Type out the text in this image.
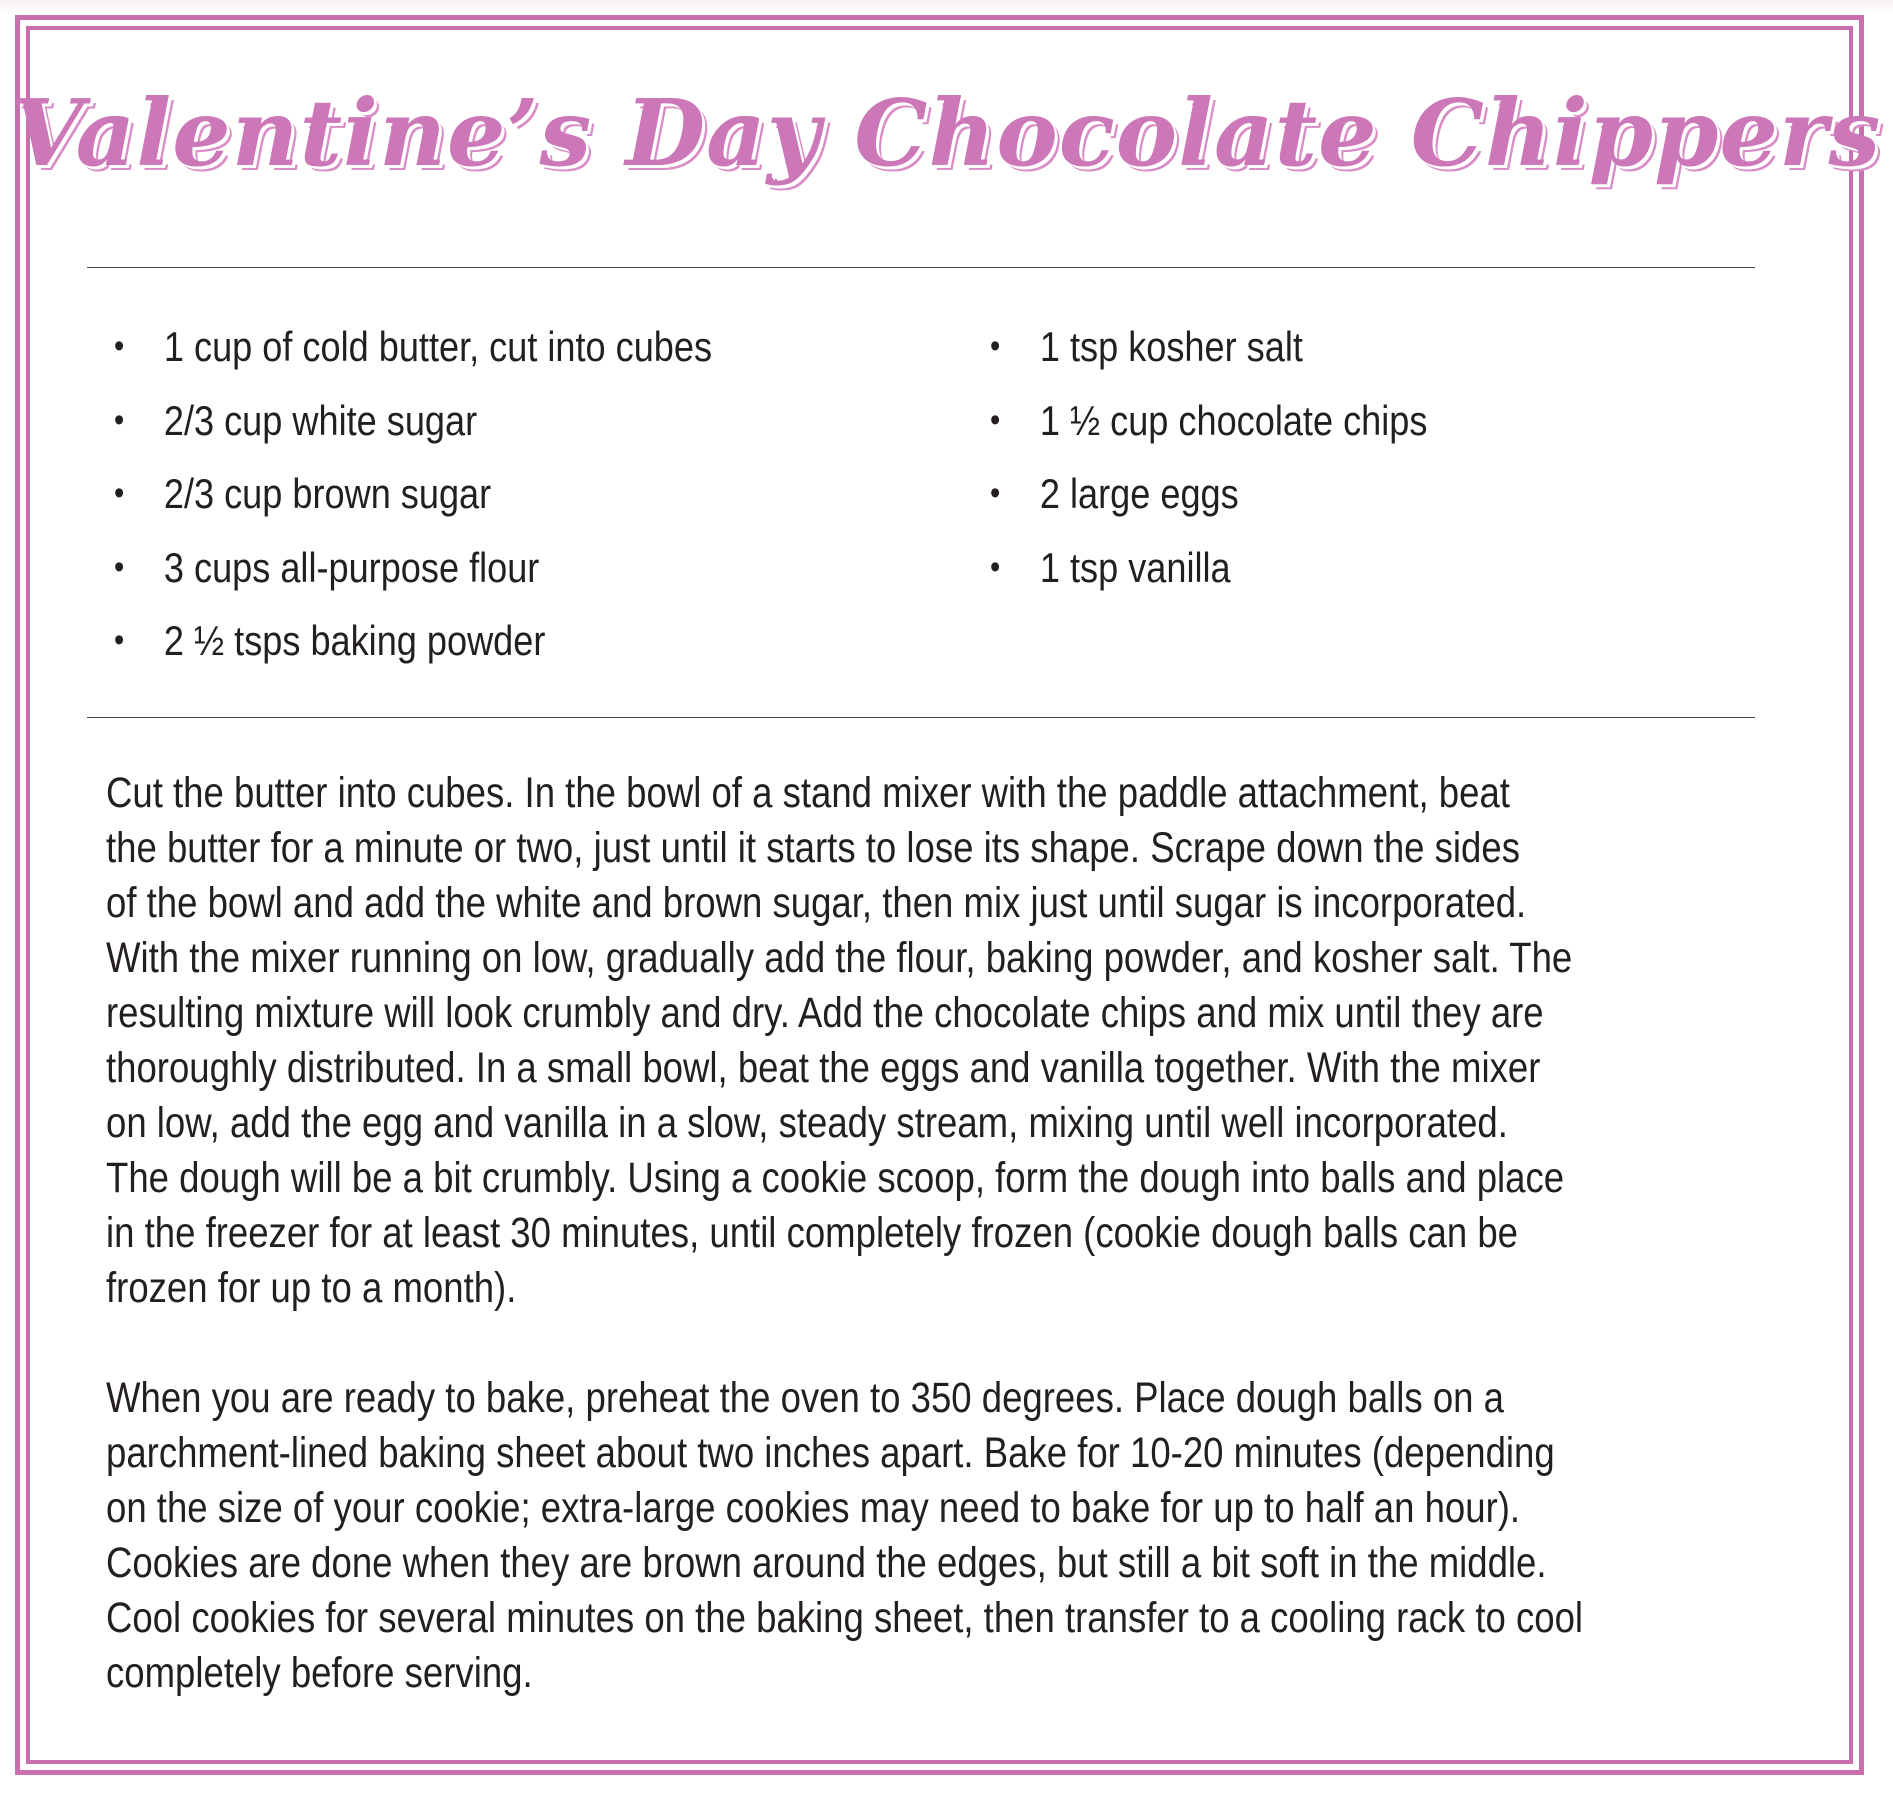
Valentine’s Day Chocolate Chippers
• 1 cup of cold butter, cut into cubes
• 2/3 cup white sugar
• 2/3 cup brown sugar
• 3 cups all-purpose flour
• 2 ½ tsps baking powder
• 1 tsp kosher salt
• 1 ½ cup chocolate chips
• 2 large eggs
• 1 tsp vanilla
Cut the butter into cubes. In the bowl of a stand mixer with the paddle attachment, beat
the butter for a minute or two, just until it starts to lose its shape. Scrape down the sides
of the bowl and add the white and brown sugar, then mix just until sugar is incorporated.
With the mixer running on low, gradually add the flour, baking powder, and kosher salt. The
resulting mixture will look crumbly and dry. Add the chocolate chips and mix until they are
thoroughly distributed. In a small bowl, beat the eggs and vanilla together. With the mixer
on low, add the egg and vanilla in a slow, steady stream, mixing until well incorporated.
The dough will be a bit crumbly. Using a cookie scoop, form the dough into balls and place
in the freezer for at least 30 minutes, until completely frozen (cookie dough balls can be
frozen for up to a month).
When you are ready to bake, preheat the oven to 350 degrees. Place dough balls on a
parchment-lined baking sheet about two inches apart. Bake for 10-20 minutes (depending
on the size of your cookie; extra-large cookies may need to bake for up to half an hour).
Cookies are done when they are brown around the edges, but still a bit soft in the middle.
Cool cookies for several minutes on the baking sheet, then transfer to a cooling rack to cool
completely before serving.
